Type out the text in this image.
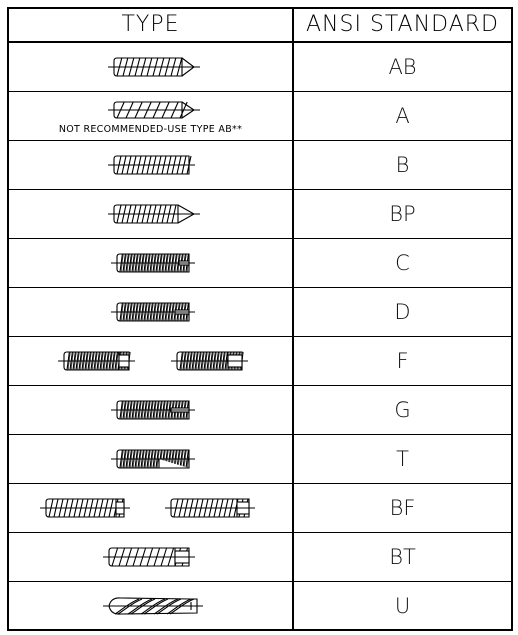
TYPE	ANSI STANDARD
AB
NOT RECOMMENDED-USE TYPE AB**
A
B
BP
C
D
F
G
T
BF
BT
U
